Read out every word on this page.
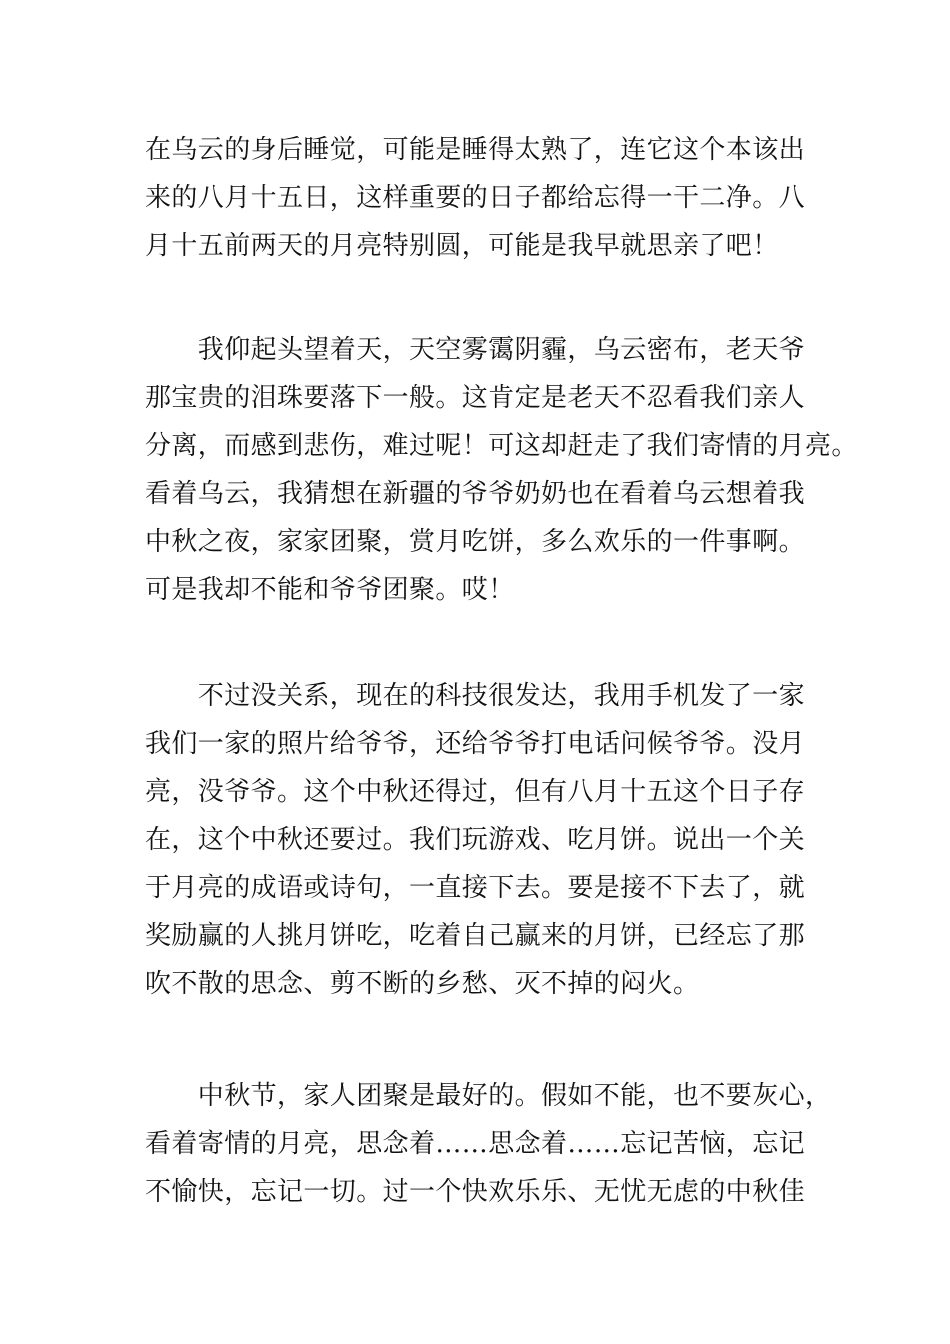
在乌云的身后睡觉，可能是睡得太熟了，连它这个本该出
来的八月十五日，这样重要的日子都给忘得一干二净。八
月十五前两天的月亮特别圆，可能是我早就思亲了吧！
　　我仰起头望着天，天空雾霭阴霾，乌云密布，老天爷
那宝贵的泪珠要落下一般。这肯定是老天不忍看我们亲人
分离，而感到悲伤，难过呢！可这却赶走了我们寄情的月亮。
看着乌云，我猜想在新疆的爷爷奶奶也在看着乌云想着我
中秋之夜，家家团聚，赏月吃饼，多么欢乐的一件事啊。
可是我却不能和爷爷团聚。哎！
　　不过没关系，现在的科技很发达，我用手机发了一家
我们一家的照片给爷爷，还给爷爷打电话问候爷爷。没月
亮，没爷爷。这个中秋还得过，但有八月十五这个日子存
在，这个中秋还要过。我们玩游戏、吃月饼。说出一个关
于月亮的成语或诗句，一直接下去。要是接不下去了，就
奖励赢的人挑月饼吃，吃着自己赢来的月饼，已经忘了那
吹不散的思念、剪不断的乡愁、灭不掉的闷火。
　　中秋节，家人团聚是最好的。假如不能，也不要灰心，
看着寄情的月亮，思念着……思念着……忘记苦恼，忘记
不愉快，忘记一切。过一个快欢乐乐、无忧无虑的中秋佳
